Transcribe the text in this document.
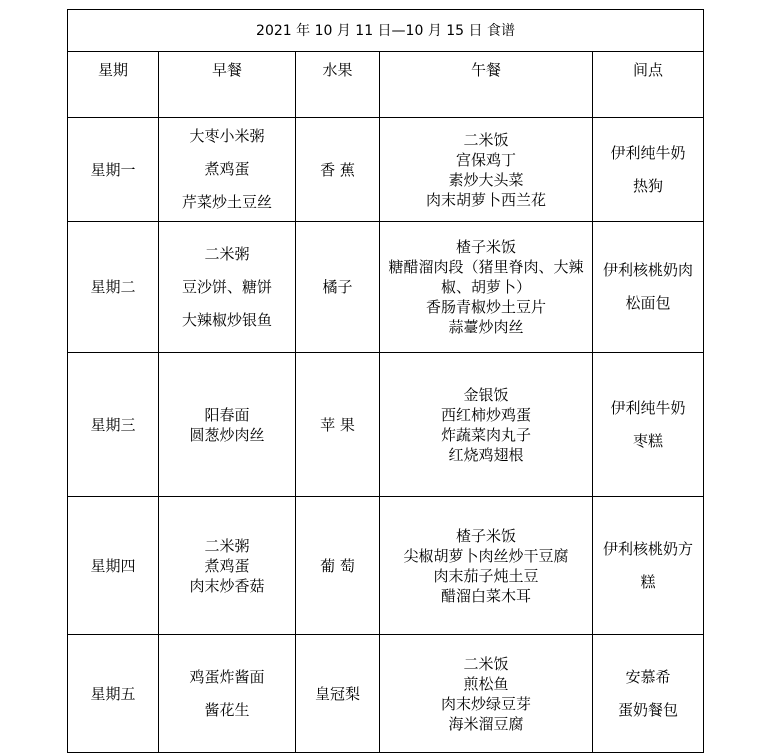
2021 年 10 月 11 日—10 月 15 日 食谱				
星期	早餐	水果	午餐	间点
星期一	大枣小米粥
煮鸡蛋
芹菜炒土豆丝	香 蕉	二米饭
宫保鸡丁
素炒大头菜
肉末胡萝卜西兰花	伊利纯牛奶
热狗

星期二	二米粥
豆沙饼、糖饼
大辣椒炒银鱼	橘子	楂子米饭
糖醋溜肉段（猪里脊肉、大辣椒、胡萝卜）
香肠青椒炒土豆片
蒜薹炒肉丝	伊利核桃奶肉松面包

星期三	阳春面
圆葱炒肉丝	苹 果	金银饭
西红柿炒鸡蛋
炸蔬菜肉丸子
红烧鸡翅根	伊利纯牛奶
枣糕

星期四	二米粥
煮鸡蛋
肉末炒香菇	葡 萄	楂子米饭
尖椒胡萝卜肉丝炒干豆腐
肉末茄子炖土豆
醋溜白菜木耳	伊利核桃奶方糕

星期五	鸡蛋炸酱面
酱花生	皇冠梨	二米饭
煎松鱼
肉末炒绿豆芽
海米溜豆腐	安慕希
蛋奶餐包
